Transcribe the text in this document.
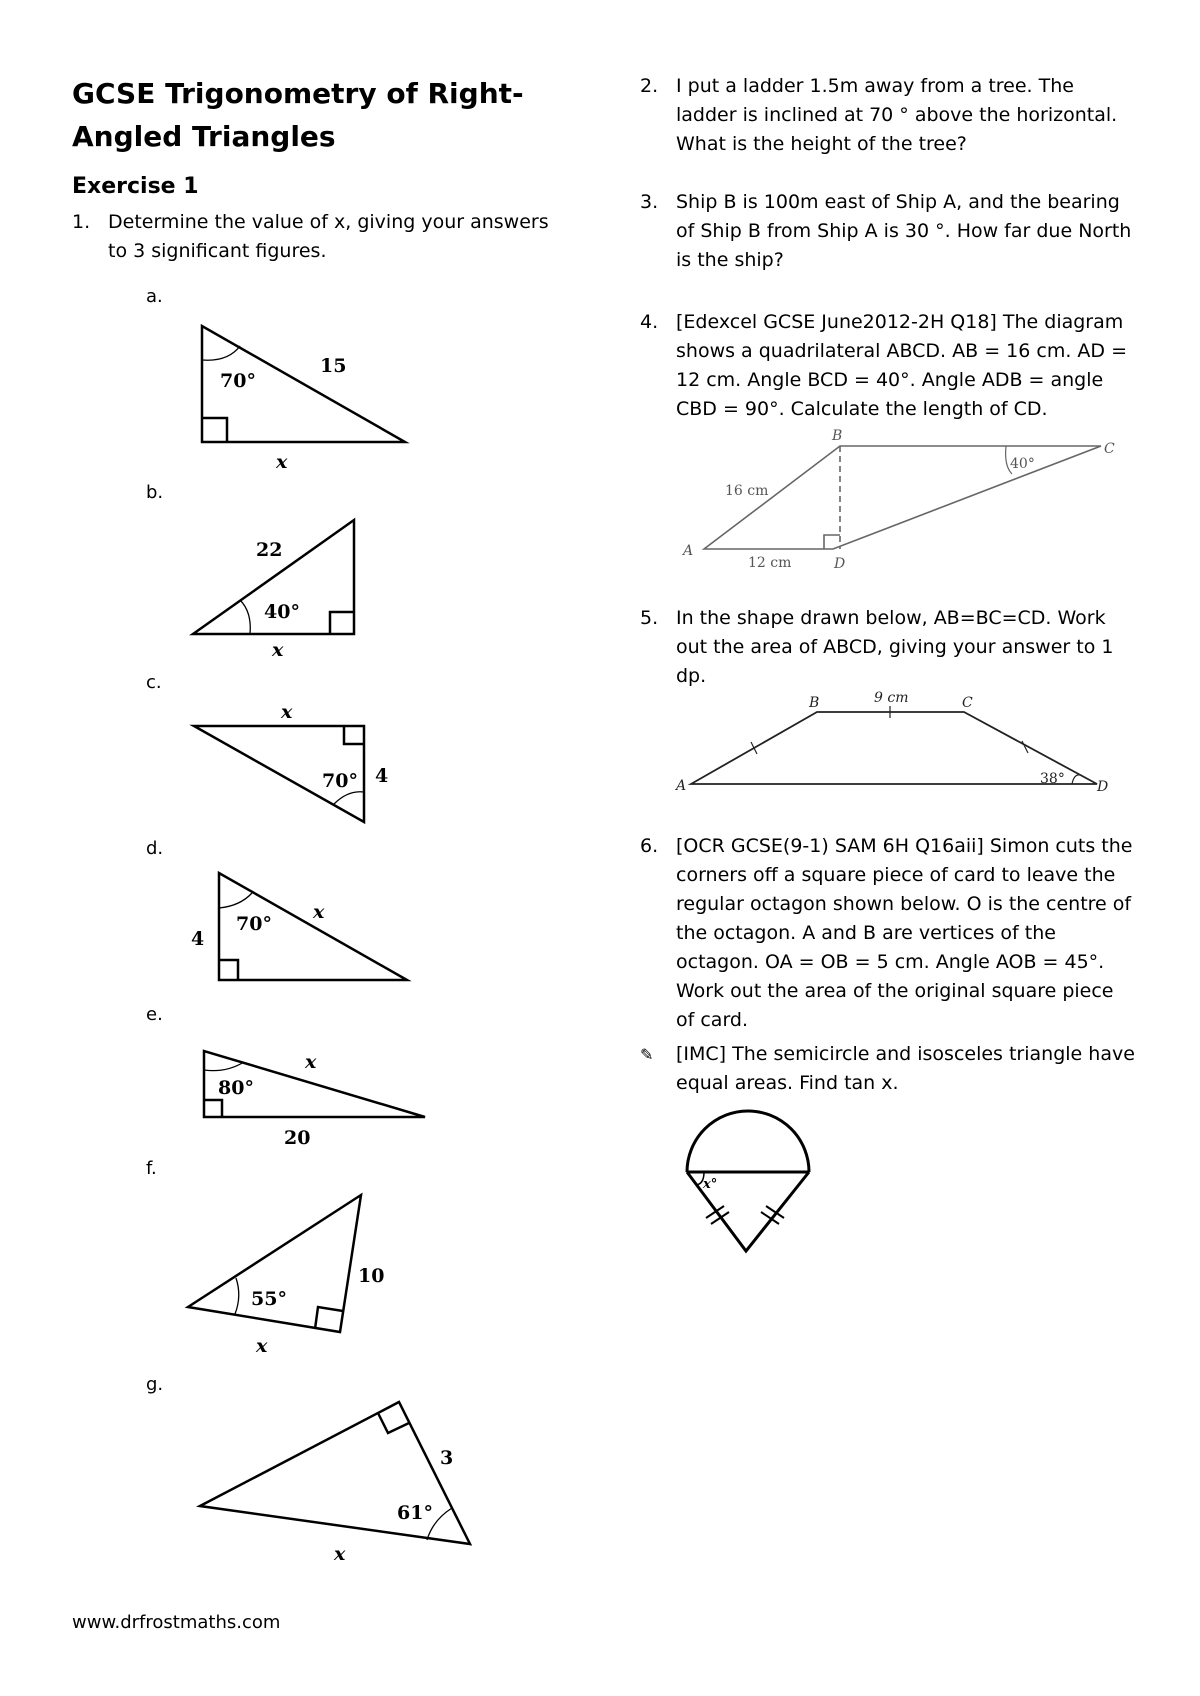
GCSE Trigonometry of Right-Angled Triangles
Exercise 1
1. Determine the value of x, giving your answers to 3 significant figures.
a.
b.
c.
d.
e.
f.
g.
70°
15
x
22
40°
x
x
70° 4
x
70°
4
x
80°
20
10
55°
x
3
61°
x
2. I put a ladder 1.5m away from a tree. The ladder is inclined at 70 ° above the horizontal. What is the height of the tree?
3. Ship B is 100m east of Ship A, and the bearing of Ship B from Ship A is 30 °. How far due North is the ship?
4. [Edexcel GCSE June2012-2H Q18] The diagram shows a quadrilateral ABCD. AB = 16 cm. AD = 12 cm. Angle BCD = 40°. Angle ADB = angle CBD = 90°. Calculate the length of CD.
5. In the shape drawn below, AB=BC=CD. Work out the area of ABCD, giving your answer to 1 dp.
6. [OCR GCSE(9-1) SAM 6H Q16aii] Simon cuts the corners off a square piece of card to leave the regular octagon shown below. O is the centre of the octagon. A and B are vertices of the octagon. OA = OB = 5 cm. Angle AOB = 45°. Work out the area of the original square piece of card.
✎ [IMC] The semicircle and isosceles triangle have equal areas. Find tan x.
A
B
C
D
16 cm
12 cm
40°
A
B	C
D
9 cm
38°
x°
www.drfrostmaths.com
